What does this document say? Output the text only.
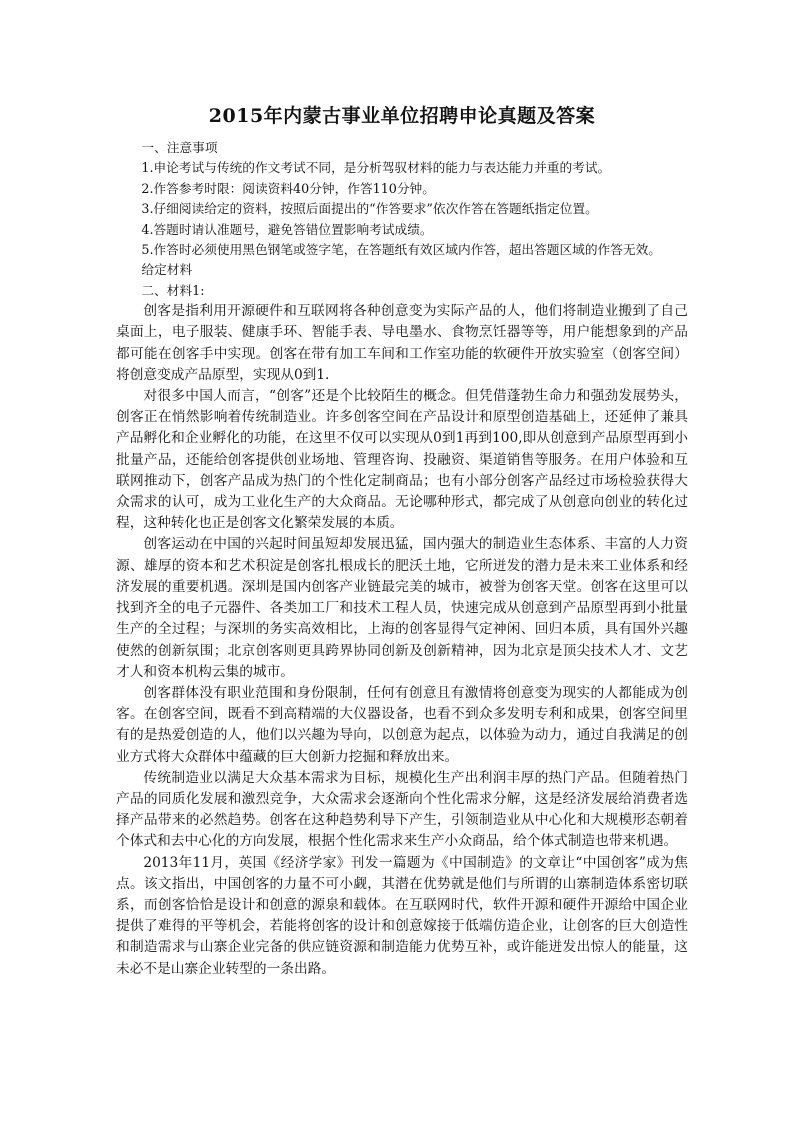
2015年内蒙古事业单位招聘申论真题及答案

一、注意事项

1.申论考试与传统的作文考试不同，是分析驾驭材料的能力与表达能力并重的考试。

2.作答参考时限：阅读资料40分钟，作答110分钟。

3.仔细阅读给定的资料，按照后面提出的“作答要求”依次作答在答题纸指定位置。

4.答题时请认准题号，避免答错位置影响考试成绩。

5.作答时必须使用黑色钢笔或签字笔，在答题纸有效区域内作答，超出答题区域的作答无效。

给定材料

二、材料1:

创客是指利用开源硬件和互联网将各种创意变为实际产品的人，他们将制造业搬到了自己桌面上，电子服装、健康手环、智能手表、导电墨水、食物烹饪器等等，用户能想象到的产品都可能在创客手中实现。创客在带有加工车间和工作室功能的软硬件开放实验室（创客空间）将创意变成产品原型，实现从0到1.

对很多中国人而言，“创客”还是个比较陌生的概念。但凭借蓬勃生命力和强劲发展势头，创客正在悄然影响着传统制造业。许多创客空间在产品设计和原型创造基础上，还延伸了兼具产品孵化和企业孵化的功能，在这里不仅可以实现从0到1再到100,即从创意到产品原型再到小批量产品，还能给创客提供创业场地、管理咨询、投融资、渠道销售等服务。在用户体验和互联网推动下，创客产品成为热门的个性化定制商品；也有小部分创客产品经过市场检验获得大众需求的认可，成为工业化生产的大众商品。无论哪种形式，都完成了从创意向创业的转化过程，这种转化也正是创客文化繁荣发展的本质。

创客运动在中国的兴起时间虽短却发展迅猛，国内强大的制造业生态体系、丰富的人力资源、雄厚的资本和艺术积淀是创客扎根成长的肥沃土地，它所迸发的潜力是未来工业体系和经济发展的重要机遇。深圳是国内创客产业链最完美的城市，被誉为创客天堂。创客在这里可以找到齐全的电子元器件、各类加工厂和技术工程人员，快速完成从创意到产品原型再到小批量生产的全过程；与深圳的务实高效相比，上海的创客显得气定神闲、回归本质，具有国外兴趣使然的创新氛围；北京创客则更具跨界协同创新及创新精神，因为北京是顶尖技术人才、文艺才人和资本机构云集的城市。

创客群体没有职业范围和身份限制，任何有创意且有激情将创意变为现实的人都能成为创客。在创客空间，既看不到高精端的大仪器设备，也看不到众多发明专利和成果，创客空间里有的是热爱创造的人，他们以兴趣为导向，以创意为起点，以体验为动力，通过自我满足的创业方式将大众群体中蕴藏的巨大创新力挖掘和释放出来。

传统制造业以满足大众基本需求为目标，规模化生产出利润丰厚的热门产品。但随着热门产品的同质化发展和激烈竞争，大众需求会逐渐向个性化需求分解，这是经济发展给消费者选择产品带来的必然趋势。创客在这种趋势利导下产生，引领制造业从中心化和大规模形态朝着个体式和去中心化的方向发展，根据个性化需求来生产小众商品，给个体式制造也带来机遇。

2013年11月，英国《经济学家》刊发一篇题为《中国制造》的文章让“中国创客”成为焦点。该文指出，中国创客的力量不可小觑，其潜在优势就是他们与所谓的山寨制造体系密切联系，而创客恰恰是设计和创意的源泉和载体。在互联网时代，软件开源和硬件开源给中国企业提供了难得的平等机会，若能将创客的设计和创意嫁接于低端仿造企业，让创客的巨大创造性和制造需求与山寨企业完备的供应链资源和制造能力优势互补，或许能迸发出惊人的能量，这未必不是山寨企业转型的一条出路。
